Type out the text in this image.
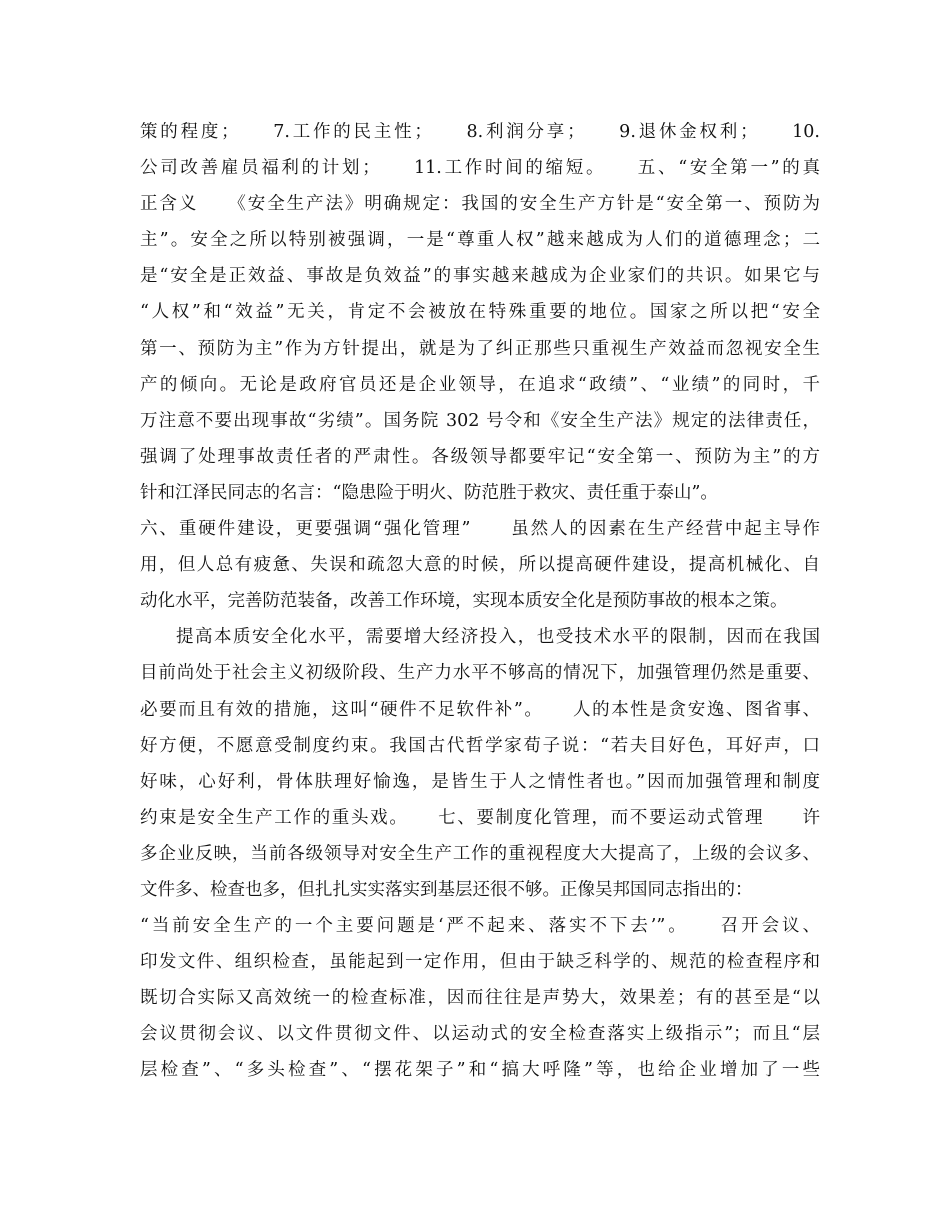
策的程度；　　7.工作的民主性；　　8.利润分享；　　9.退休金权利；　　10.
公司改善雇员福利的计划；　　11.工作时间的缩短。　　五、“安全第一”的真
正含义　　《安全生产法》明确规定：我国的安全生产方针是“安全第一、预防为
主”。安全之所以特别被强调，一是“尊重人权”越来越成为人们的道德理念；二
是“安全是正效益、事故是负效益”的事实越来越成为企业家们的共识。如果它与
“人权”和“效益”无关，肯定不会被放在特殊重要的地位。国家之所以把“安全
第一、预防为主”作为方针提出，就是为了纠正那些只重视生产效益而忽视安全生
产的倾向。无论是政府官员还是企业领导，在追求“政绩”、“业绩”的同时，千
万注意不要出现事故“劣绩”。国务院 302 号令和《安全生产法》规定的法律责任，
强调了处理事故责任者的严肃性。各级领导都要牢记“安全第一、预防为主”的方
针和江泽民同志的名言：“隐患险于明火、防范胜于救灾、责任重于泰山”。
六、重硬件建设，更要强调“强化管理”　　虽然人的因素在生产经营中起主导作
用，但人总有疲惫、失误和疏忽大意的时候，所以提高硬件建设，提高机械化、自
动化水平，完善防范装备，改善工作环境，实现本质安全化是预防事故的根本之策。
提高本质安全化水平，需要增大经济投入，也受技术水平的限制，因而在我国
目前尚处于社会主义初级阶段、生产力水平不够高的情况下，加强管理仍然是重要、
必要而且有效的措施，这叫“硬件不足软件补”。　　人的本性是贪安逸、图省事、
好方便，不愿意受制度约束。我国古代哲学家荀子说：“若夫目好色，耳好声，口
好味，心好利，骨体肤理好愉逸，是皆生于人之情性者也。”因而加强管理和制度
约束是安全生产工作的重头戏。　　七、要制度化管理，而不要运动式管理　　许
多企业反映，当前各级领导对安全生产工作的重视程度大大提高了，上级的会议多、
文件多、检查也多，但扎扎实实落实到基层还很不够。正像吴邦国同志指出的：
“当前安全生产的一个主要问题是‘严不起来、落实不下去’”。　　召开会议、
印发文件、组织检查，虽能起到一定作用，但由于缺乏科学的、规范的检查程序和
既切合实际又高效统一的检查标准，因而往往是声势大，效果差；有的甚至是“以
会议贯彻会议、以文件贯彻文件、以运动式的安全检查落实上级指示”；而且“层
层检查”、“多头检查”、“摆花架子”和“搞大呼隆”等，也给企业增加了一些
